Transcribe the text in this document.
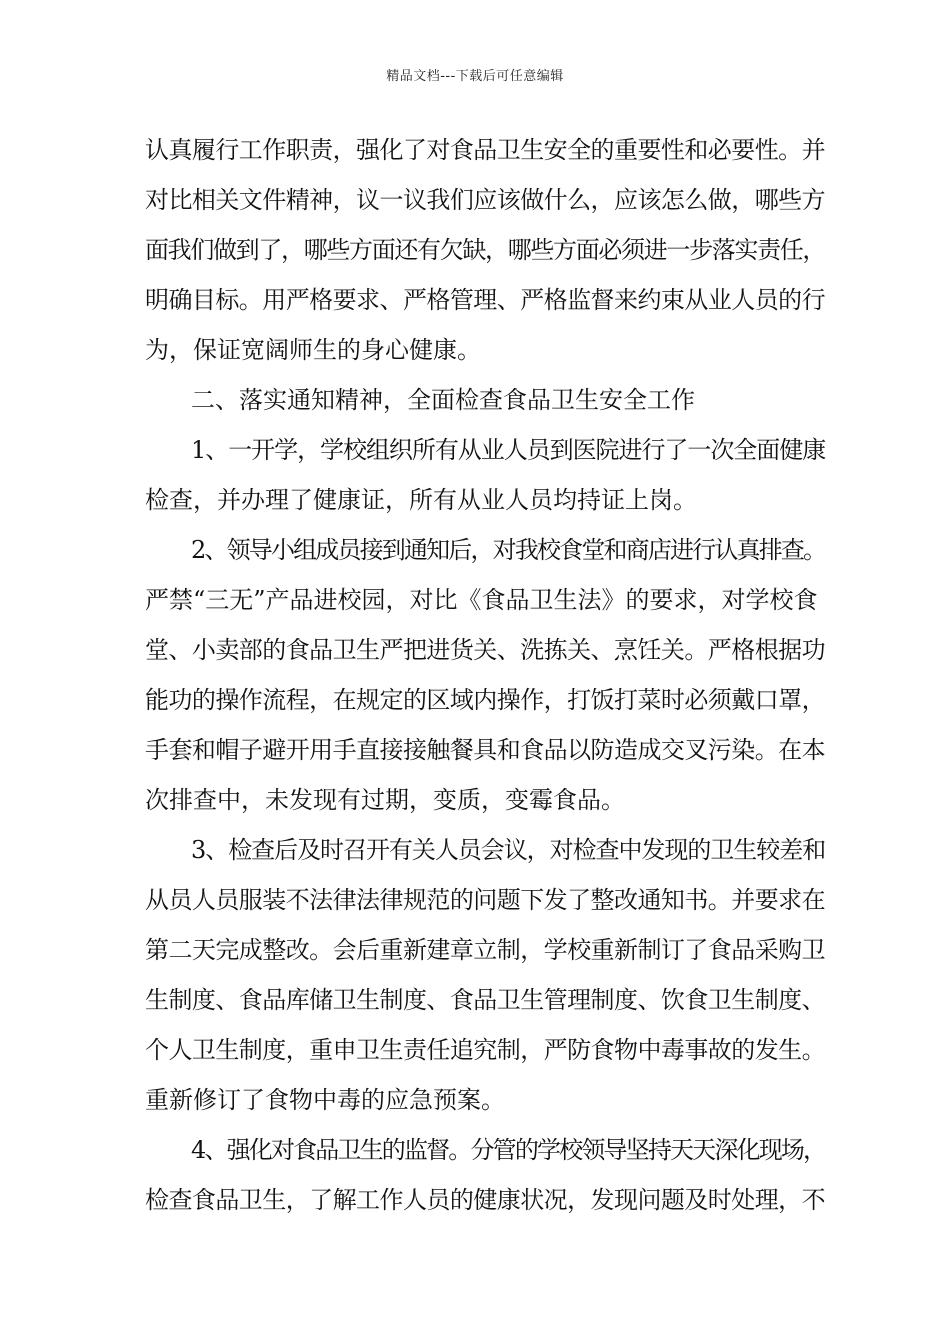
精品文档---下载后可任意编辑
认真履行工作职责，强化了对食品卫生安全的重要性和必要性。并
对比相关文件精神，议一议我们应该做什么，应该怎么做，哪些方
面我们做到了，哪些方面还有欠缺，哪些方面必须进一步落实责任，
明确目标。用严格要求、严格管理、严格监督来约束从业人员的行
为，保证宽阔师生的身心健康。
二、落实通知精神，全面检查食品卫生安全工作
1、一开学，学校组织所有从业人员到医院进行了一次全面健康
检查，并办理了健康证，所有从业人员均持证上岗。
2、领导小组成员接到通知后，对我校食堂和商店进行认真排查。
严禁“三无”产品进校园，对比《食品卫生法》的要求，对学校食
堂、小卖部的食品卫生严把进货关、洗拣关、烹饪关。严格根据功
能功的操作流程，在规定的区域内操作，打饭打菜时必须戴口罩，
手套和帽子避开用手直接接触餐具和食品以防造成交叉污染。在本
次排查中，未发现有过期，变质，变霉食品。
3、检查后及时召开有关人员会议，对检查中发现的卫生较差和
从员人员服装不法律法律规范的问题下发了整改通知书。并要求在
第二天完成整改。会后重新建章立制，学校重新制订了食品采购卫
生制度、食品库储卫生制度、食品卫生管理制度、饮食卫生制度、
个人卫生制度，重申卫生责任追究制，严防食物中毒事故的发生。
重新修订了食物中毒的应急预案。
4、强化对食品卫生的监督。分管的学校领导坚持天天深化现场，
检查食品卫生，了解工作人员的健康状况，发现问题及时处理，不
